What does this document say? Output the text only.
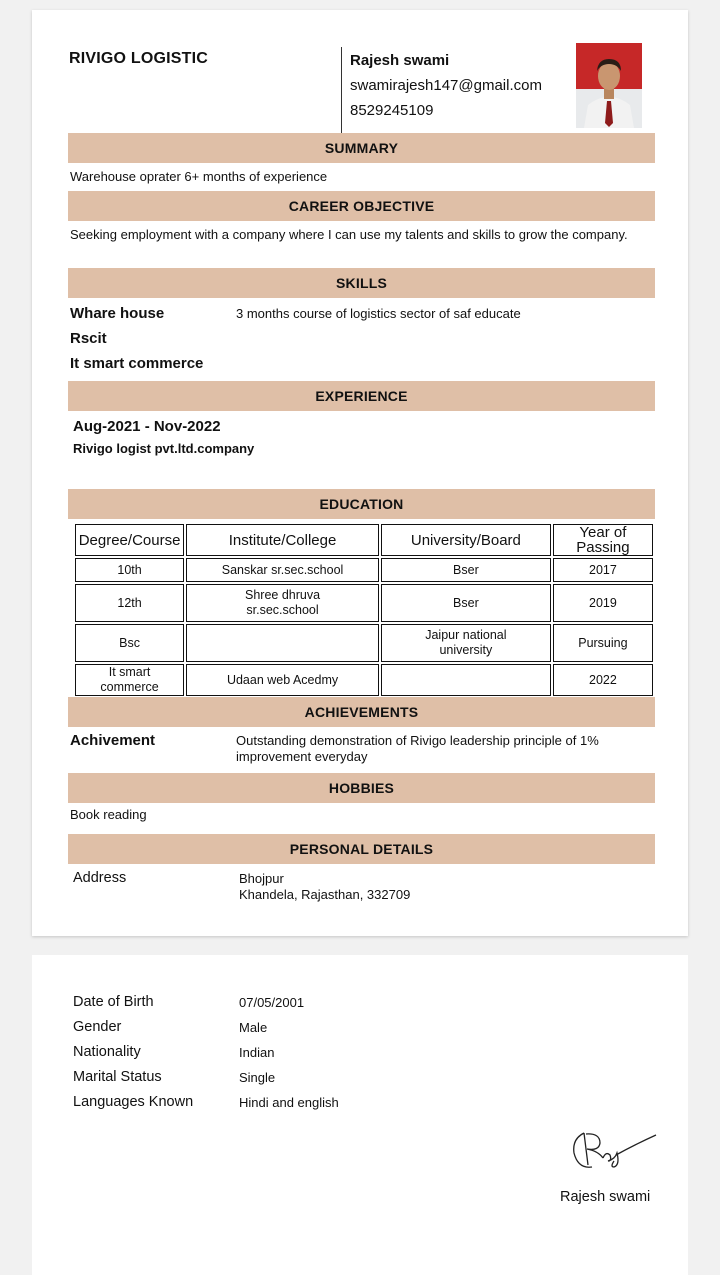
RIVIGO LOGISTIC	Rajesh swami
swamirajesh147@gmail.com
8529245109
SUMMARY
Warehouse oprater 6+ months of experience
CAREER OBJECTIVE
Seeking employment with a company where I can use my talents and skills to grow the company.
SKILLS
Whare house	3 months course of logistics sector of saf educate
Rscit
It smart commerce
EXPERIENCE
Aug-2021 - Nov-2022
Rivigo logist pvt.ltd.company
EDUCATION
Degree/Course	Institute/College	University/Board	Year of Passing
10th	Sanskar sr.sec.school	Bser	2017
12th	Shree dhruva sr.sec.school	Bser	2019
Bsc		Jaipur national university	Pursuing
It smart commerce	Udaan web Acedmy		2022
ACHIEVEMENTS
Achivement	Outstanding demonstration of Rivigo leadership principle of 1% improvement everyday
HOBBIES
Book reading
PERSONAL DETAILS
Address	Bhojpur
Khandela, Rajasthan, 332709
Date of Birth	07/05/2001
Gender	Male
Nationality	Indian
Marital Status	Single
Languages Known	Hindi and english
Rajesh swami
